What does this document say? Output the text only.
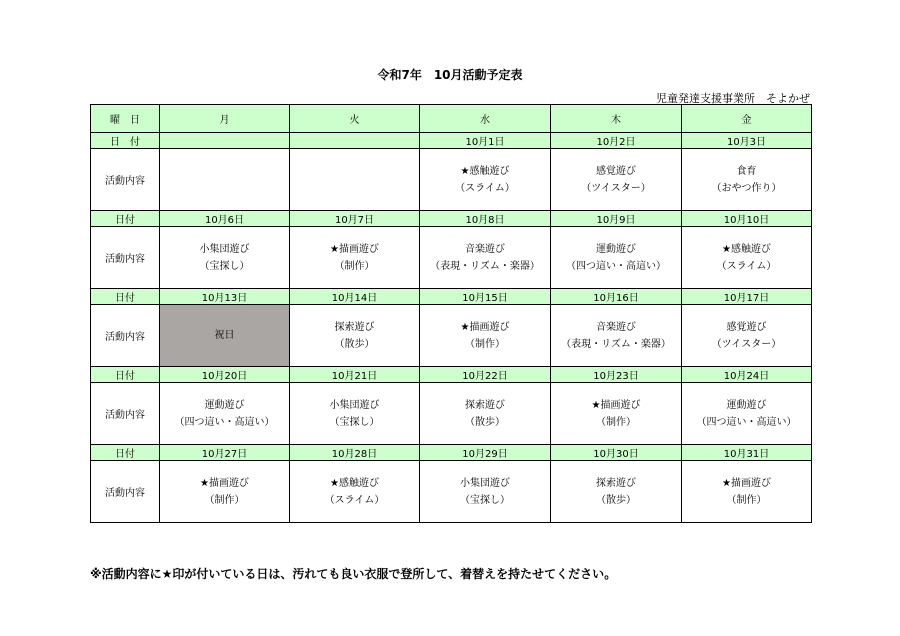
令和7年　10月活動予定表
児童発達支援事業所　そよかぜ
曜　日	月	火	水	木	金
日　付			10月1日	10月2日	10月3日
活動内容			★感触遊び
（スライム）	感覚遊び
（ツイスター）	食育
（おやつ作り）

日付	10月6日	10月7日	10月8日	10月9日	10月10日
活動内容	小集団遊び
（宝探し）	★描画遊び
（制作）	音楽遊び
（表現・リズム・楽器）	運動遊び
（四つ這い・高這い）	★感触遊び
（スライム）

日付	10月13日	10月14日	10月15日	10月16日	10月17日
活動内容	祝日	探索遊び
（散歩）	★描画遊び
（制作）	音楽遊び
（表現・リズム・楽器）	感覚遊び
（ツイスター）

日付	10月20日	10月21日	10月22日	10月23日	10月24日
活動内容	運動遊び
（四つ這い・高這い）	小集団遊び
（宝探し）	探索遊び
（散歩）	★描画遊び
（制作）	運動遊び
（四つ這い・高這い）

日付	10月27日	10月28日	10月29日	10月30日	10月31日
活動内容	★描画遊び
（制作）	★感触遊び
（スライム）	小集団遊び
（宝探し）	探索遊び
（散歩）	★描画遊び
（制作）
※活動内容に★印が付いている日は、汚れても良い衣服で登所して、着替えを持たせてください。
